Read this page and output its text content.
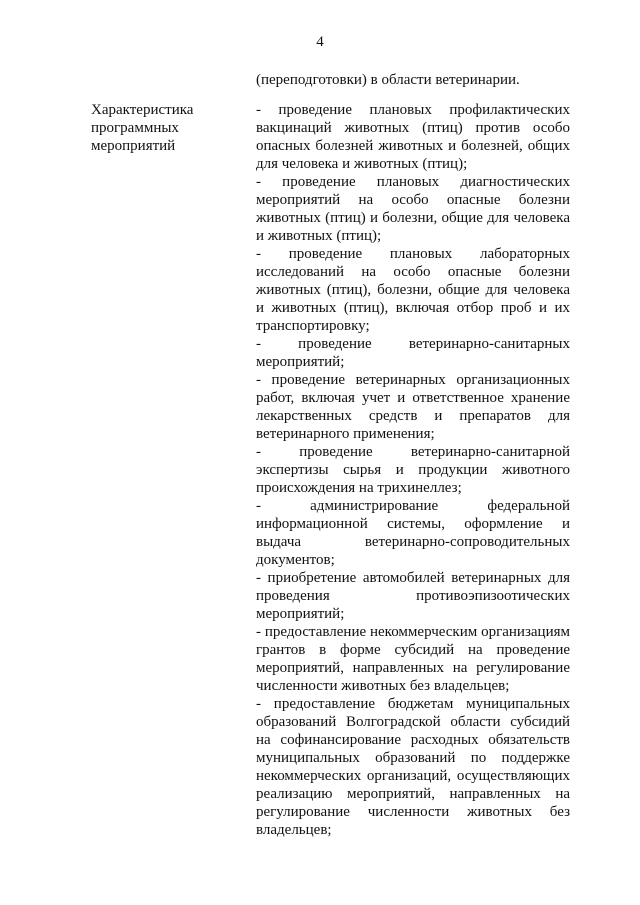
4
(переподготовки) в области ветеринарии.
Характеристика программных мероприятий

- проведение плановых профилактических вакцинаций животных (птиц) против особо опасных болезней животных и болезней, общих для человека и животных (птиц);

- проведение плановых диагностических мероприятий на особо опасные болезни животных (птиц) и болезни, общие для человека и животных (птиц);

- проведение плановых лабораторных исследований на особо опасные болезни животных (птиц), болезни, общие для человека и животных (птиц), включая отбор проб и их транспортировку;

- проведение ветеринарно-санитарных мероприятий;

- проведение ветеринарных организационных работ, включая учет и ответственное хранение лекарственных средств и препаратов для ветеринарного применения;

- проведение ветеринарно-санитарной экспертизы сырья и продукции животного происхождения на трихинеллез;

- администрирование федеральной информационной системы, оформление и выдача ветеринарно-сопроводительных документов;

- приобретение автомобилей ветеринарных для проведения противоэпизоотических мероприятий;

- предоставление некоммерческим организациям грантов в форме субсидий на проведение мероприятий, направленных на регулирование численности животных без владельцев;

- предоставление бюджетам муниципальных образований Волгоградской области субсидий на софинансирование расходных обязательств муниципальных образований по поддержке некоммерческих организаций, осуществляющих реализацию мероприятий, направленных на регулирование численности животных без владельцев;
